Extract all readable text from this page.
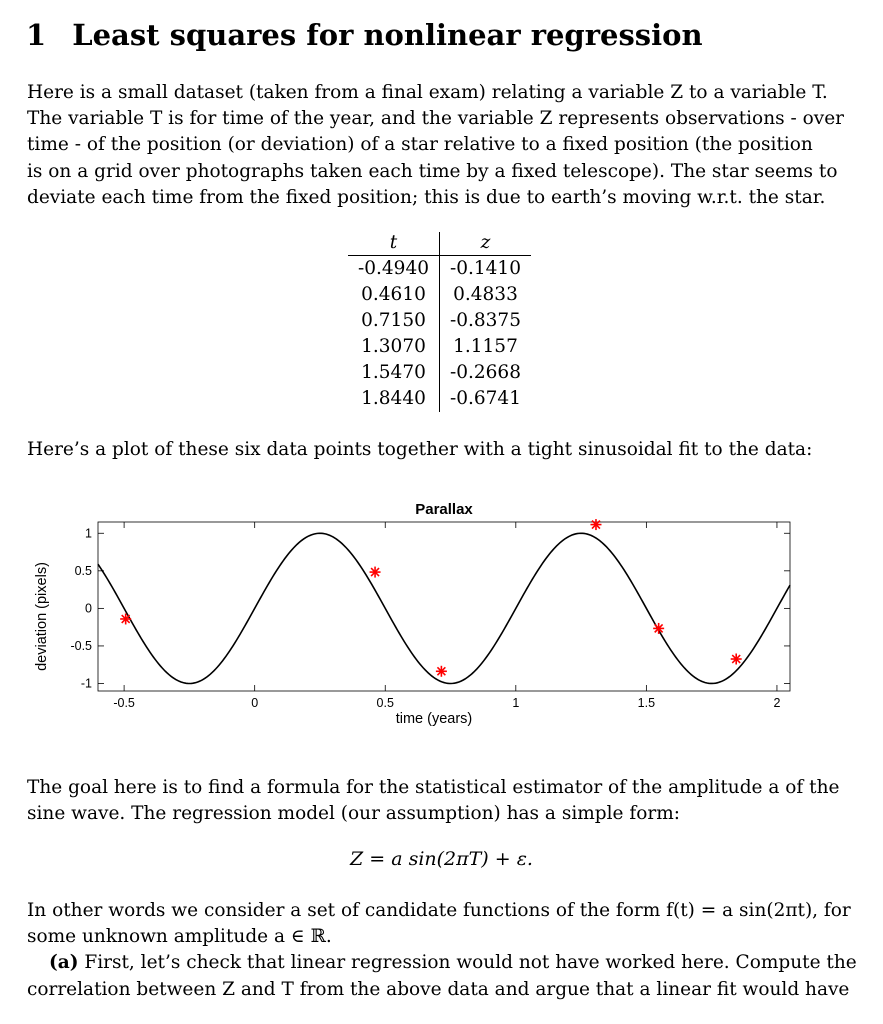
1 Least squares for nonlinear regression
Here is a small dataset (taken from a final exam) relating a variable Z to a variable T.
The variable T is for time of the year, and the variable Z represents observations - over
time - of the position (or deviation) of a star relative to a fixed position (the position
is on a grid over photographs taken each time by a fixed telescope). The star seems to
deviate each time from the fixed position; this is due to earth’s moving w.r.t. the star.
t	z
-0.4940	-0.1410
0.4610	0.4833
0.7150	-0.8375
1.3070	1.1157
1.5470	-0.2668
1.8440	-0.6741
Here’s a plot of these six data points together with a tight sinusoidal fit to the data:
Parallax
-0.5	0	0.5	1	1.5	2
1
0.5
0
-0.5
-1
time (years)
deviation (pixels)
The goal here is to find a formula for the statistical estimator of the amplitude a of the
sine wave. The regression model (our assumption) has a simple form:
Z = a sin(2πT) + ε.
In other words we consider a set of candidate functions of the form f(t) = a sin(2πt), for
some unknown amplitude a ∈ ℝ.
(a) First, let’s check that linear regression would not have worked here. Compute the
correlation between Z and T from the above data and argue that a linear fit would have
